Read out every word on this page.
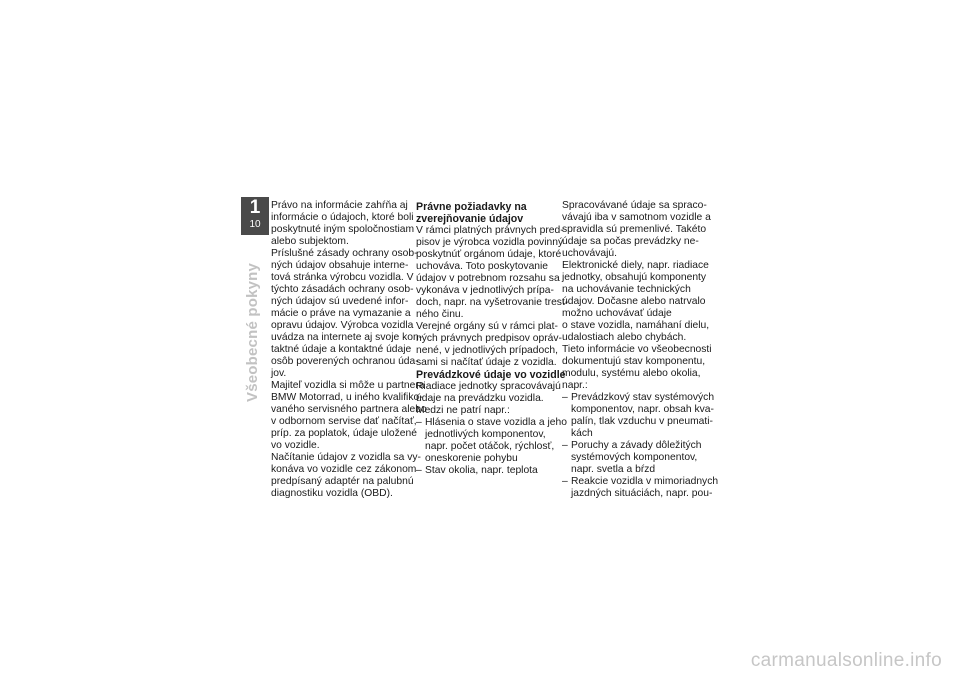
1
10
Všeobecné pokyny
Právo na informácie zahŕňa aj
informácie o údajoch, ktoré boli
poskytnuté iným spoločnostiam
alebo subjektom.
Príslušné zásady ochrany osob-
ných údajov obsahuje interne-
tová stránka výrobcu vozidla. V
týchto zásadách ochrany osob-
ných údajov sú uvedené infor-
mácie o práve na vymazanie a
opravu údajov. Výrobca vozidla
uvádza na internete aj svoje kon-
taktné údaje a kontaktné údaje
osôb poverených ochranou úda-
jov.
Majiteľ vozidla si môže u partnera
BMW Motorrad, u iného kvalifiko-
vaného servisného partnera alebo
v odbornom servise dať načítať,
príp. za poplatok, údaje uložené
vo vozidle.
Načítanie údajov z vozidla sa vy-
konáva vo vozidle cez zákonom
predpísaný adaptér na palubnú
diagnostiku vozidla (OBD).
Právne požiadavky na
zverejňovanie údajov
V rámci platných právnych pred-
pisov je výrobca vozidla povinný
poskytnúť orgánom údaje, ktoré
uchováva. Toto poskytovanie
údajov v potrebnom rozsahu sa
vykonáva v jednotlivých prípa-
doch, napr. na vyšetrovanie trest-
ného činu.
Verejné orgány sú v rámci plat-
ných právnych predpisov opráv-
nené, v jednotlivých prípadoch,
sami si načítať údaje z vozidla.
Prevádzkové údaje vo vozidle
Riadiace jednotky spracovávajú
údaje na prevádzku vozidla.
Medzi ne patrí napr.:
– Hlásenia o stave vozidla a jeho
jednotlivých komponentov,
napr. počet otáčok, rýchlosť,
oneskorenie pohybu
– Stav okolia, napr. teplota
Spracovávané údaje sa spraco-
vávajú iba v samotnom vozidle a
spravidla sú premenlivé. Takéto
údaje sa počas prevádzky ne-
uchovávajú.
Elektronické diely, napr. riadiace
jednotky, obsahujú komponenty
na uchovávanie technických
údajov. Dočasne alebo natrvalo
možno uchovávať údaje
o stave vozidla, namáhaní dielu,
udalostiach alebo chybách.
Tieto informácie vo všeobecnosti
dokumentujú stav komponentu,
modulu, systému alebo okolia,
napr.:
– Prevádzkový stav systémových
komponentov, napr. obsah kva-
palín, tlak vzduchu v pneumati-
kách
– Poruchy a závady dôležitých
systémových komponentov,
napr. svetla a bŕzd
– Reakcie vozidla v mimoriadnych
jazdných situáciách, napr. pou-
carmanualsonline.info
